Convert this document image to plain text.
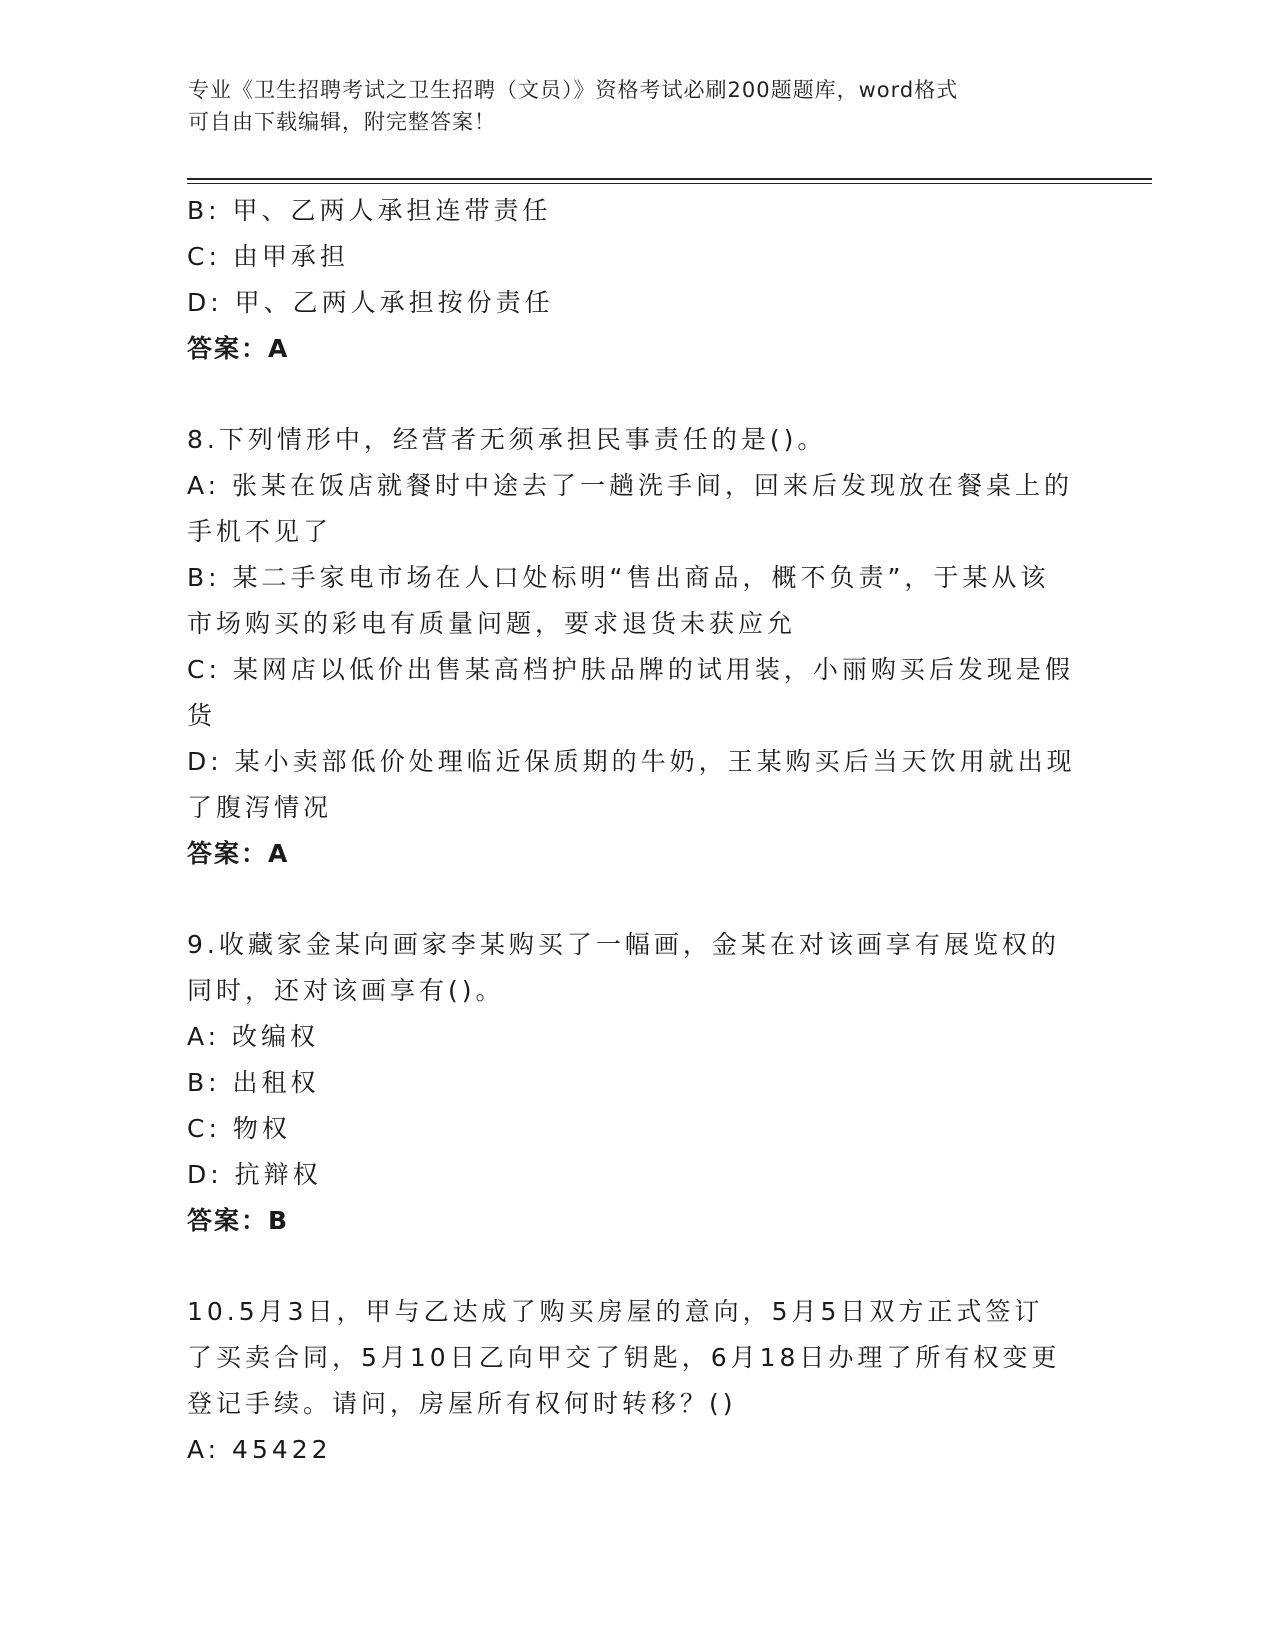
专业《卫生招聘考试之卫生招聘（文员）》资格考试必刷200题题库，word格式
可自由下载编辑，附完整答案！
B: 甲、乙两人承担连带责任
C: 由甲承担
D: 甲、乙两人承担按份责任
答案：A
8.下列情形中，经营者无须承担民事责任的是()。
A: 张某在饭店就餐时中途去了一趟洗手间，回来后发现放在餐桌上的
手机不见了
B: 某二手家电市场在人口处标明“售出商品，概不负责”，于某从该
市场购买的彩电有质量问题，要求退货未获应允
C: 某网店以低价出售某高档护肤品牌的试用装，小丽购买后发现是假
货
D: 某小卖部低价处理临近保质期的牛奶，王某购买后当天饮用就出现
了腹泻情况
答案：A
9.收藏家金某向画家李某购买了一幅画，金某在对该画享有展览权的
同时，还对该画享有()。
A: 改编权
B: 出租权
C: 物权
D: 抗辩权
答案：B
10.5月3日，甲与乙达成了购买房屋的意向，5月5日双方正式签订
了买卖合同，5月10日乙向甲交了钥匙，6月18日办理了所有权变更
登记手续。请问，房屋所有权何时转移？()
A: 45422
